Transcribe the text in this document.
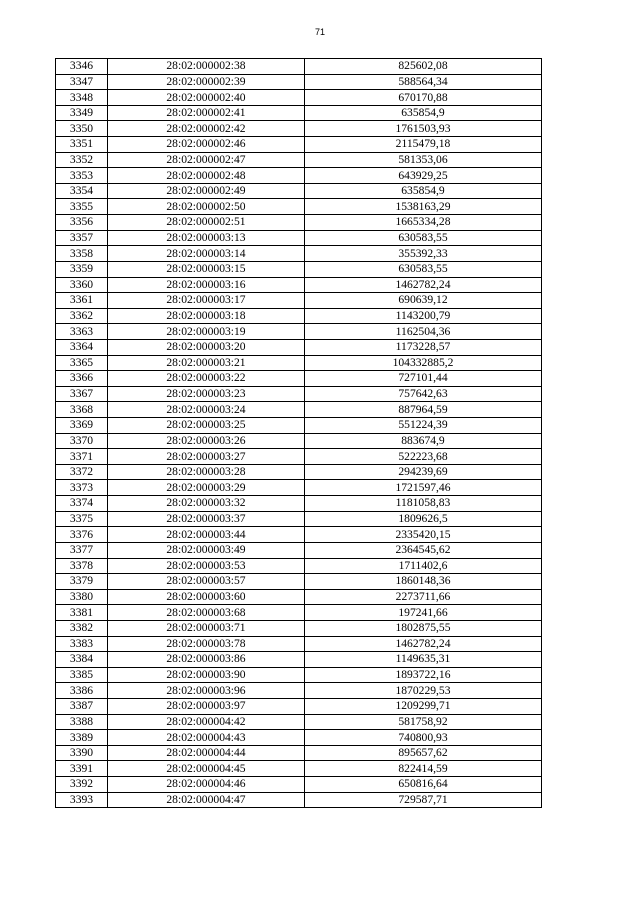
71
3346	28:02:000002:38	825602,08
3347	28:02:000002:39	588564,34
3348	28:02:000002:40	670170,88
3349	28:02:000002:41	635854,9
3350	28:02:000002:42	1761503,93
3351	28:02:000002:46	2115479,18
3352	28:02:000002:47	581353,06
3353	28:02:000002:48	643929,25
3354	28:02:000002:49	635854,9
3355	28:02:000002:50	1538163,29
3356	28:02:000002:51	1665334,28
3357	28:02:000003:13	630583,55
3358	28:02:000003:14	355392,33
3359	28:02:000003:15	630583,55
3360	28:02:000003:16	1462782,24
3361	28:02:000003:17	690639,12
3362	28:02:000003:18	1143200,79
3363	28:02:000003:19	1162504,36
3364	28:02:000003:20	1173228,57
3365	28:02:000003:21	104332885,2
3366	28:02:000003:22	727101,44
3367	28:02:000003:23	757642,63
3368	28:02:000003:24	887964,59
3369	28:02:000003:25	551224,39
3370	28:02:000003:26	883674,9
3371	28:02:000003:27	522223,68
3372	28:02:000003:28	294239,69
3373	28:02:000003:29	1721597,46
3374	28:02:000003:32	1181058,83
3375	28:02:000003:37	1809626,5
3376	28:02:000003:44	2335420,15
3377	28:02:000003:49	2364545,62
3378	28:02:000003:53	1711402,6
3379	28:02:000003:57	1860148,36
3380	28:02:000003:60	2273711,66
3381	28:02:000003:68	197241,66
3382	28:02:000003:71	1802875,55
3383	28:02:000003:78	1462782,24
3384	28:02:000003:86	1149635,31
3385	28:02:000003:90	1893722,16
3386	28:02:000003:96	1870229,53
3387	28:02:000003:97	1209299,71
3388	28:02:000004:42	581758,92
3389	28:02:000004:43	740800,93
3390	28:02:000004:44	895657,62
3391	28:02:000004:45	822414,59
3392	28:02:000004:46	650816,64
3393	28:02:000004:47	729587,71
